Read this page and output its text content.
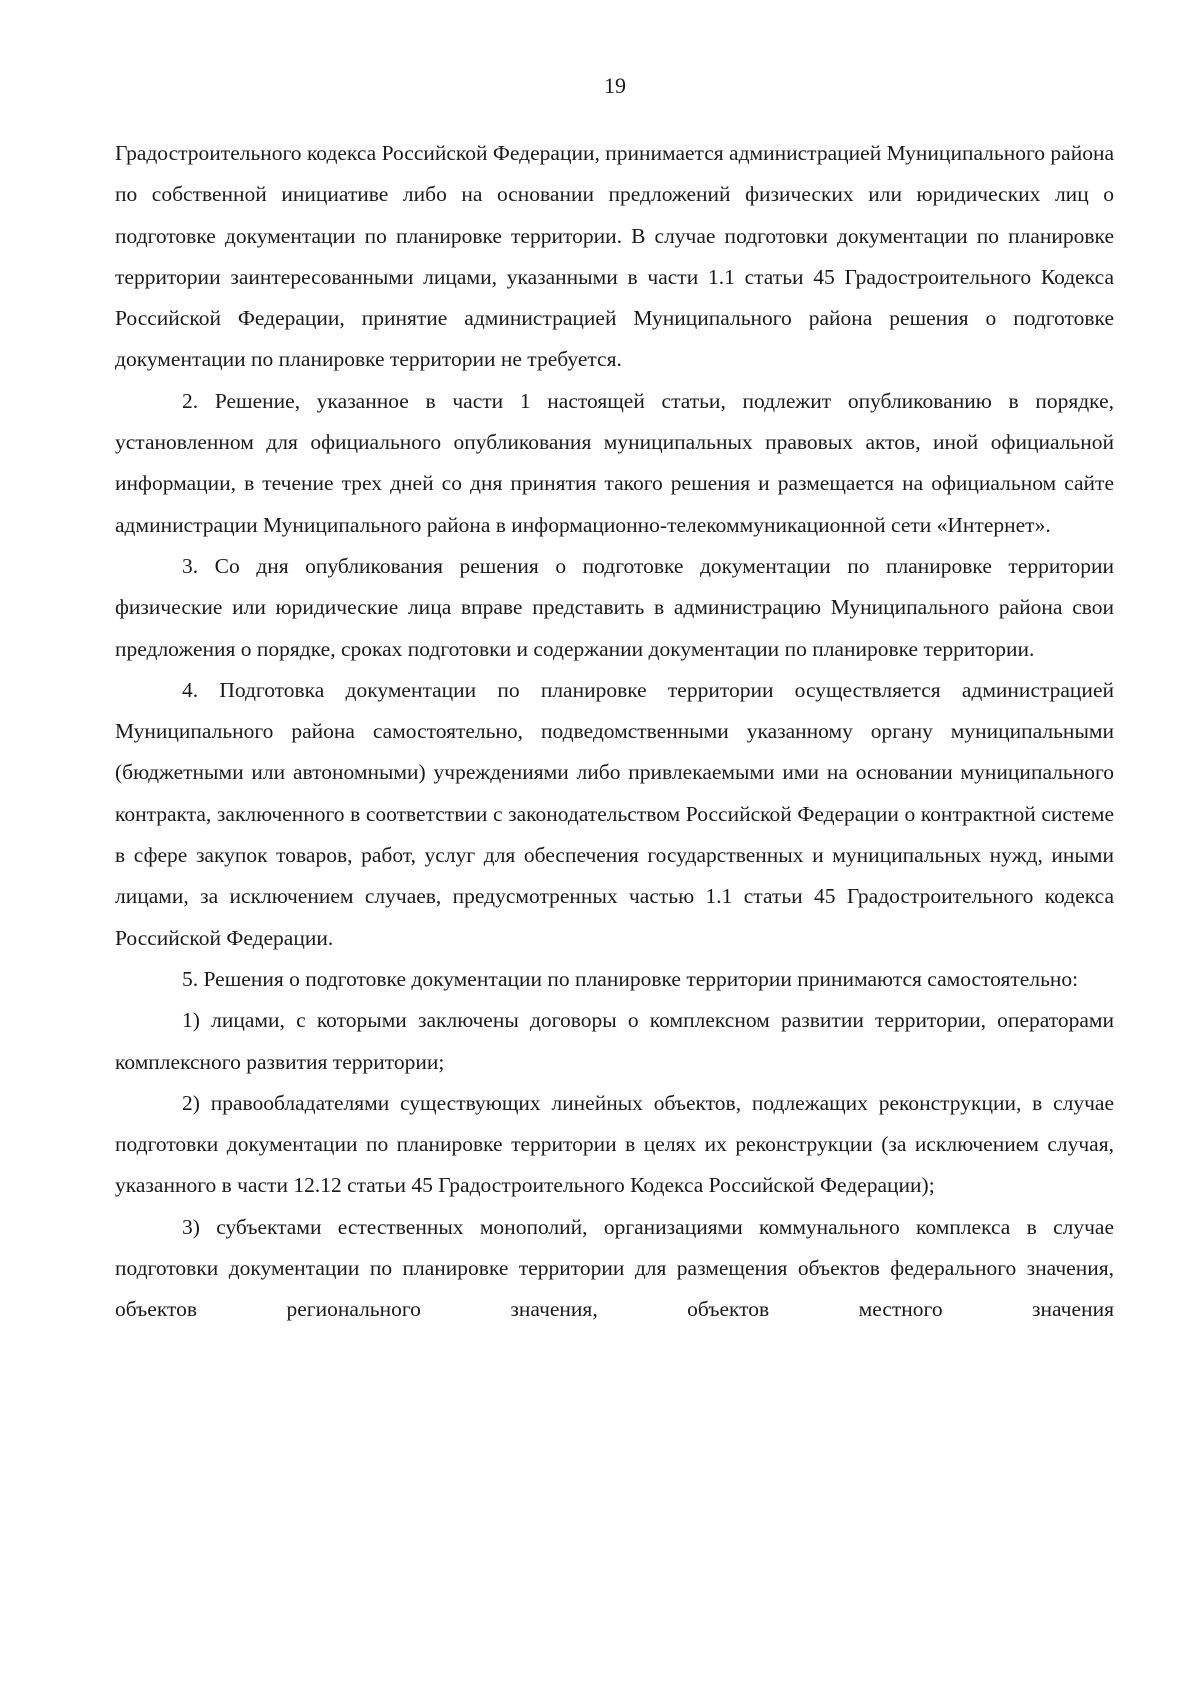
19

Градостроительного кодекса Российской Федерации, принимается администрацией Муниципального района по собственной инициативе либо на основании предложений физических или юридических лиц о подготовке документации по планировке территории. В случае подготовки документации по планировке территории заинтересованными лицами, указанными в части 1.1 статьи 45 Градостроительного Кодекса Российской Федерации, принятие администрацией Муниципального района решения о подготовке документации по планировке территории не требуется.

2. Решение, указанное в части 1 настоящей статьи, подлежит опубликованию в порядке, установленном для официального опубликования муниципальных правовых актов, иной официальной информации, в течение трех дней со дня принятия такого решения и размещается на официальном сайте администрации Муниципального района в информационно-телекоммуникационной сети «Интернет».

3. Со дня опубликования решения о подготовке документации по планировке территории физические или юридические лица вправе представить в администрацию Муниципального района свои предложения о порядке, сроках подготовки и содержании документации по планировке территории.

4. Подготовка документации по планировке территории осуществляется администрацией Муниципального района самостоятельно, подведомственными указанному органу муниципальными (бюджетными или автономными) учреждениями либо привлекаемыми ими на основании муниципального контракта, заключенного в соответствии с законодательством Российской Федерации о контрактной системе в сфере закупок товаров, работ, услуг для обеспечения государственных и муниципальных нужд, иными лицами, за исключением случаев, предусмотренных частью 1.1 статьи 45 Градостроительного кодекса Российской Федерации.

5. Решения о подготовке документации по планировке территории принимаются самостоятельно:

1) лицами, с которыми заключены договоры о комплексном развитии территории, операторами комплексного развития территории;

2) правообладателями существующих линейных объектов, подлежащих реконструкции, в случае подготовки документации по планировке территории в целях их реконструкции (за исключением случая, указанного в части 12.12 статьи 45 Градостроительного Кодекса Российской Федерации);

3) субъектами естественных монополий, организациями коммунального комплекса в случае подготовки документации по планировке территории для размещения объектов федерального значения, объектов регионального значения, объектов местного значения
